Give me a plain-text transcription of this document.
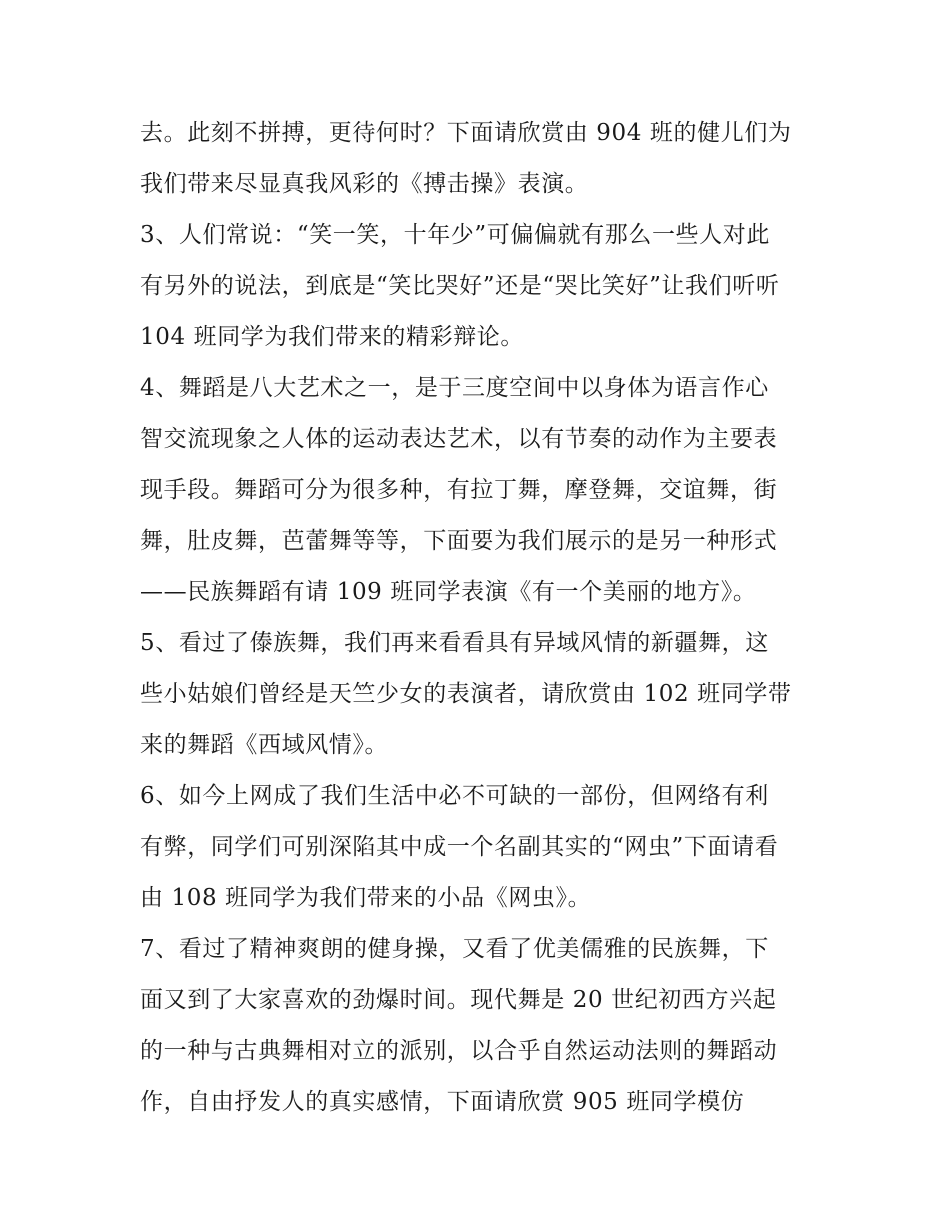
去。此刻不拼搏，更待何时？下面请欣赏由 904 班的健儿们为
我们带来尽显真我风彩的《搏击操》表演。
3、人们常说：“笑一笑，十年少”可偏偏就有那么一些人对此
有另外的说法，到底是“笑比哭好”还是“哭比笑好”让我们听听
104 班同学为我们带来的精彩辩论。
4、舞蹈是八大艺术之一，是于三度空间中以身体为语言作心
智交流现象之人体的运动表达艺术，以有节奏的动作为主要表
现手段。舞蹈可分为很多种，有拉丁舞，摩登舞，交谊舞，街
舞，肚皮舞，芭蕾舞等等，下面要为我们展示的是另一种形式
——民族舞蹈有请 109 班同学表演《有一个美丽的地方》。
5、看过了傣族舞，我们再来看看具有异域风情的新疆舞，这
些小姑娘们曾经是天竺少女的表演者，请欣赏由 102 班同学带
来的舞蹈《西域风情》。
6、如今上网成了我们生活中必不可缺的一部份，但网络有利
有弊，同学们可别深陷其中成一个名副其实的“网虫”下面请看
由 108 班同学为我们带来的小品《网虫》。
7、看过了精神爽朗的健身操，又看了优美儒雅的民族舞，下
面又到了大家喜欢的劲爆时间。现代舞是 20 世纪初西方兴起
的一种与古典舞相对立的派别，以合乎自然运动法则的舞蹈动
作，自由抒发人的真实感情，下面请欣赏 905 班同学模仿
